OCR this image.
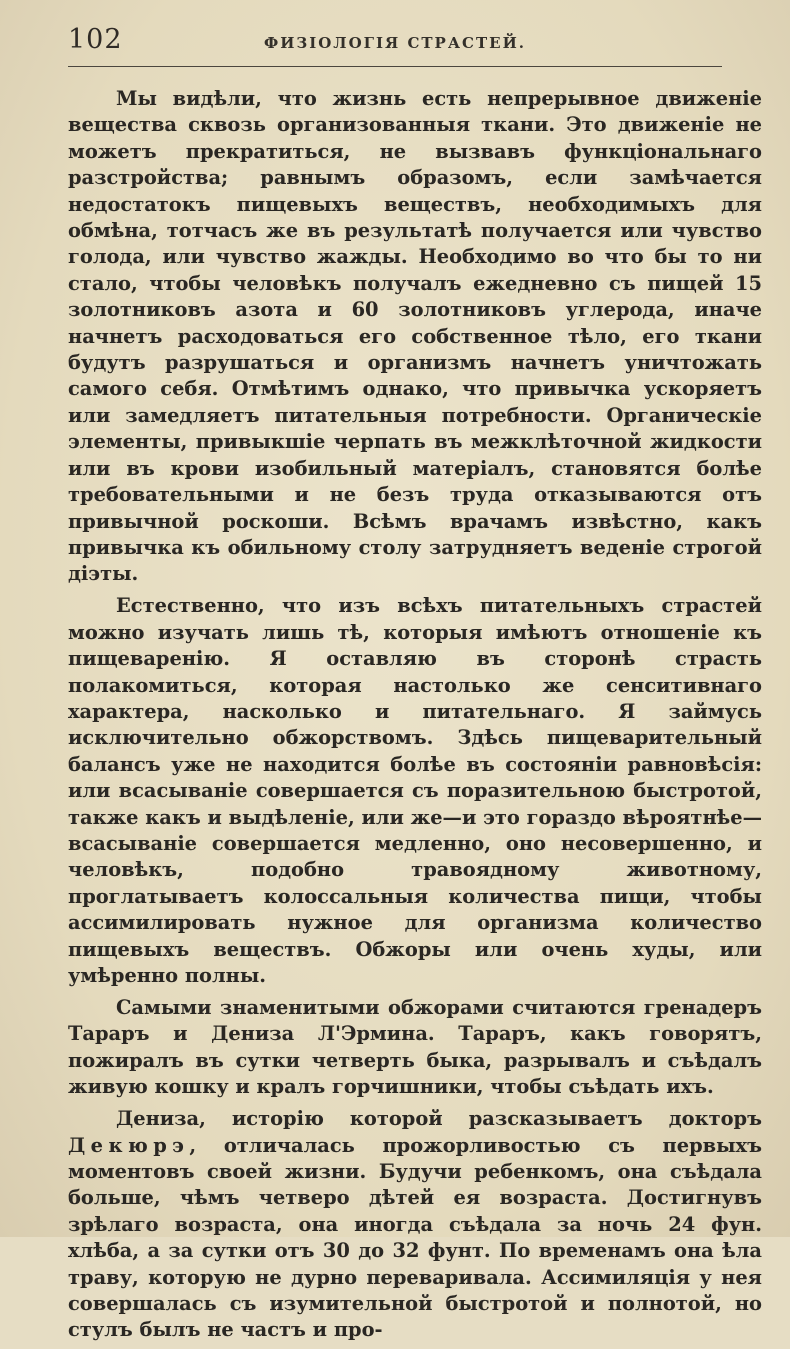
102	ФИЗІОЛОГІЯ СТРАСТЕЙ.

Мы видѣли, что жизнь есть непрерывное движеніе вещества сквозь организованныя ткани. Это движеніе не можетъ прекратиться, не вызвавъ функціональнаго разстройства; равнымъ образомъ, если замѣчается недостатокъ пищевыхъ веществъ, необходимыхъ для обмѣна, тотчасъ же въ результатѣ получается или чувство голода, или чувство жажды. Необходимо во что бы то ни стало, чтобы человѣкъ получалъ ежедневно съ пищей 15 золотниковъ азота и 60 золотниковъ углерода, иначе начнетъ расходоваться его собственное тѣло, его ткани будутъ разрушаться и организмъ начнетъ уничтожать самого себя. Отмѣтимъ однако, что привычка ускоряетъ или замедляетъ питательныя потребности. Органическіе элементы, привыкшіе черпать въ межклѣточной жидкости или въ крови изобильный матеріалъ, становятся болѣе требовательными и не безъ труда отказываются отъ привычной роскоши. Всѣмъ врачамъ извѣстно, какъ привычка къ обильному столу затрудняетъ веденіе строгой діэты.

Естественно, что изъ всѣхъ питательныхъ страстей можно изучать лишь тѣ, которыя имѣютъ отношеніе къ пищеваренію. Я оставляю въ сторонѣ страсть полакомиться, которая настолько же сенситивнаго характера, насколько и питательнаго. Я займусь исключительно обжорствомъ. Здѣсь пищеварительный балансъ уже не находится болѣе въ состояніи равновѣсія: или всасываніе совершается съ поразительною быстротой, также какъ и выдѣленіе, или же—и это гораздо вѣроятнѣе—всасываніе совершается медленно, оно несовершенно, и человѣкъ, подобно травоядному животному, проглатываетъ колоссальныя количества пищи, чтобы ассимилировать нужное для организма количество пищевыхъ веществъ. Обжоры или очень худы, или умѣренно полны.

Самыми знаменитыми обжорами считаются гренадеръ Тараръ и Дениза Л'Эрмина. Тараръ, какъ говорятъ, пожиралъ въ сутки четверть быка, разрывалъ и съѣдалъ живую кошку и кралъ горчишники, чтобы съѣдать ихъ.

Дениза, исторію которой разсказываетъ докторъ Декюрэ, отличалась прожорливостью съ первыхъ моментовъ своей жизни. Будучи ребенкомъ, она съѣдала больше, чѣмъ четверо дѣтей ея возраста. Достигнувъ зрѣлаго возраста, она иногда съѣдала за ночь 24 фун. хлѣба, а за сутки отъ 30 до 32 фунт. По временамъ она ѣла траву, которую не дурно переваривала. Ассимиляція у нея совершалась съ изумительной быстротой и полнотой, но стулъ былъ не частъ и про-
